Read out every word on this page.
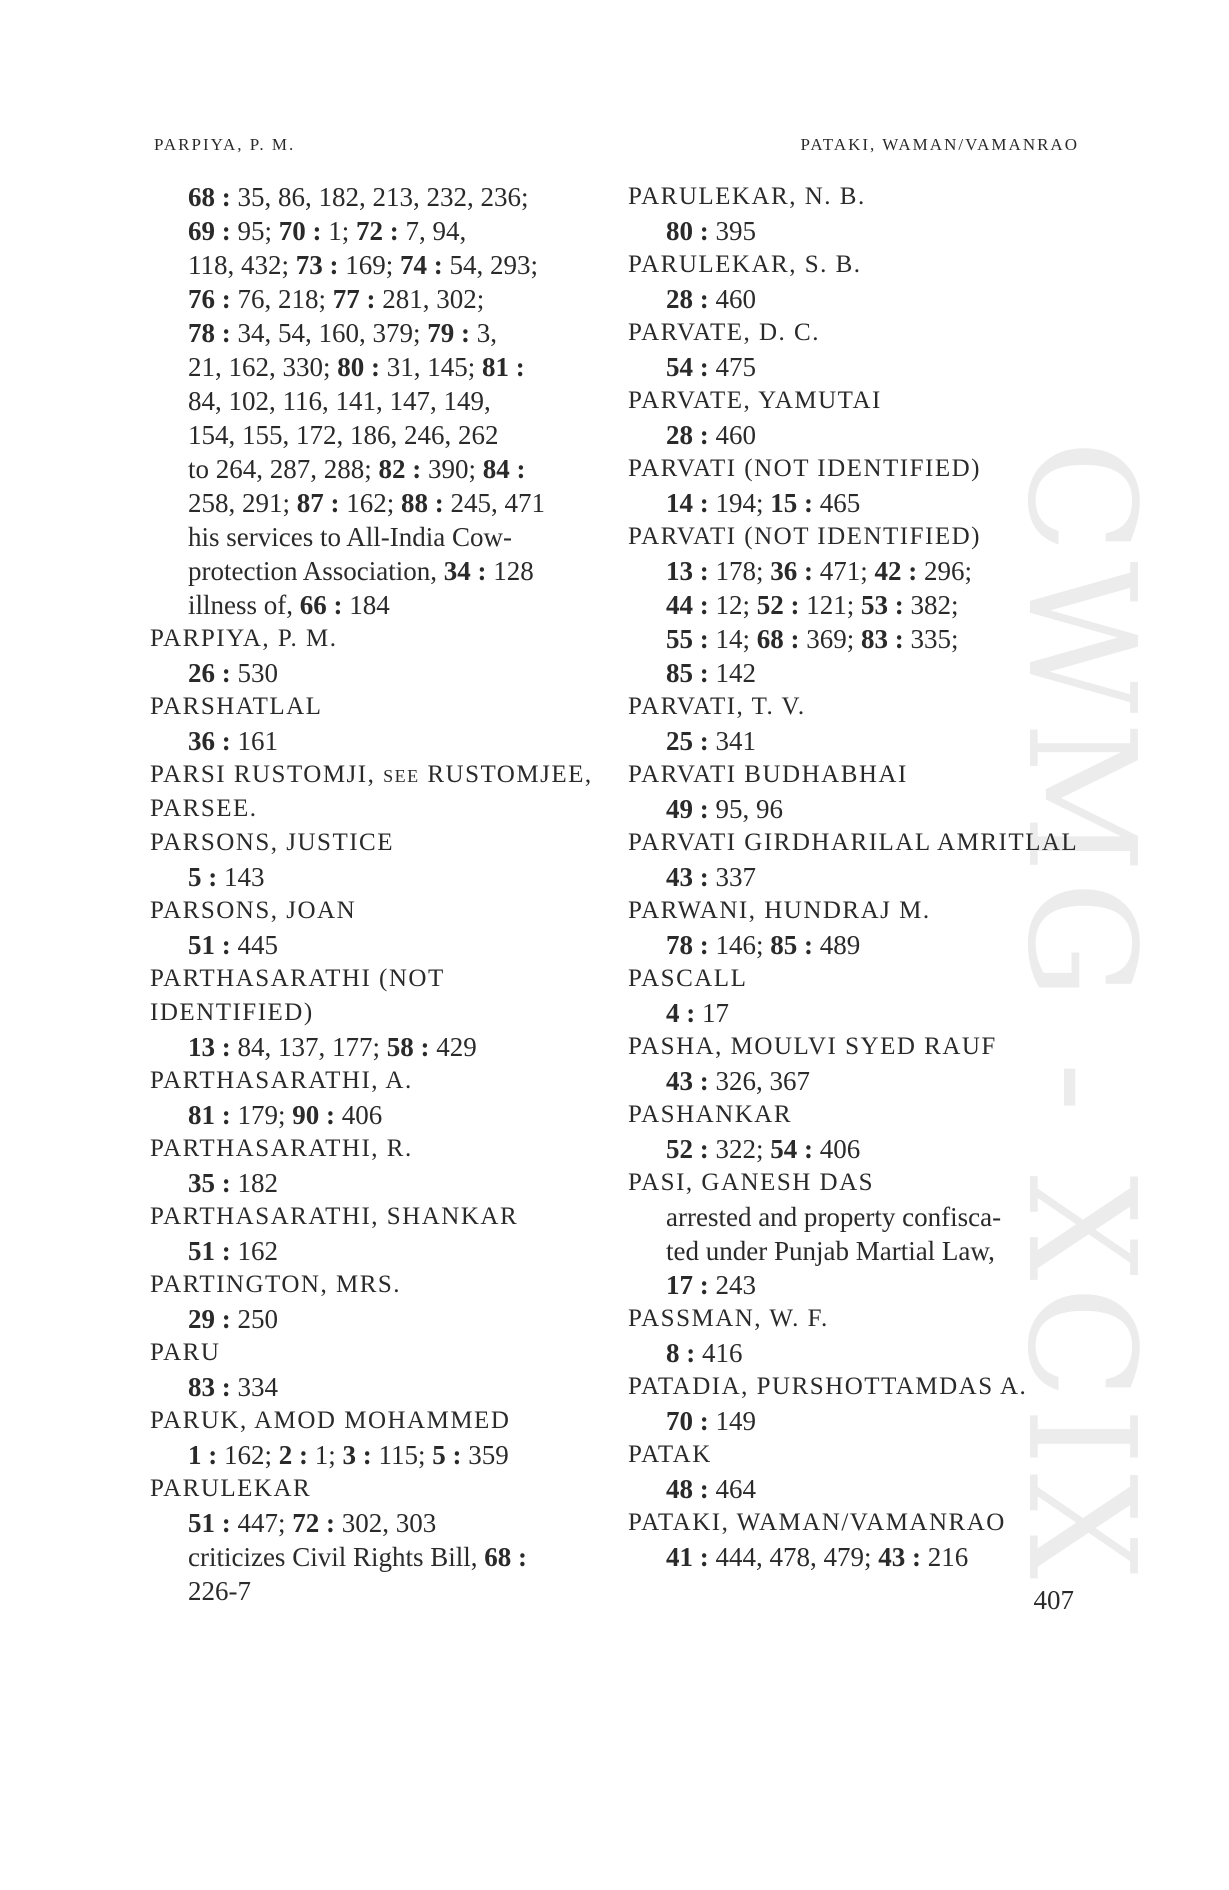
PARPIYA, P. M.	PATAKI, WAMAN/VAMANRAO
CWMG - XCIX
68 : 35, 86, 182, 213, 232, 236;
69 : 95; 70 : 1; 72 : 7, 94,
118, 432; 73 : 169; 74 : 54, 293;
76 : 76, 218; 77 : 281, 302;
78 : 34, 54, 160, 379; 79 : 3,
21, 162, 330; 80 : 31, 145; 81 :
84, 102, 116, 141, 147, 149,
154, 155, 172, 186, 246, 262
to 264, 287, 288; 82 : 390; 84 :
258, 291; 87 : 162; 88 : 245, 471
his services to All-India Cow-
protection Association, 34 : 128
illness of, 66 : 184
PARPIYA, P. M.
26 : 530
PARSHATLAL
36 : 161
PARSI RUSTOMJI, see RUSTOMJEE,
PARSEE.
PARSONS, JUSTICE
5 : 143
PARSONS, JOAN
51 : 445
PARTHASARATHI (NOT IDENTIFIED)
13 : 84, 137, 177; 58 : 429
PARTHASARATHI, A.
81 : 179; 90 : 406
PARTHASARATHI, R.
35 : 182
PARTHASARATHI, SHANKAR
51 : 162
PARTINGTON, MRS.
29 : 250
PARU
83 : 334
PARUK, AMOD MOHAMMED
1 : 162; 2 : 1; 3 : 115; 5 : 359
PARULEKAR
51 : 447; 72 : 302, 303
criticizes Civil Rights Bill, 68 :
226-7
PARULEKAR, N. B.
80 : 395
PARULEKAR, S. B.
28 : 460
PARVATE, D. C.
54 : 475
PARVATE, YAMUTAI
28 : 460
PARVATI (NOT IDENTIFIED)
14 : 194; 15 : 465
PARVATI (NOT IDENTIFIED)
13 : 178; 36 : 471; 42 : 296;
44 : 12; 52 : 121; 53 : 382;
55 : 14; 68 : 369; 83 : 335;
85 : 142
PARVATI, T. V.
25 : 341
PARVATI BUDHABHAI
49 : 95, 96
PARVATI GIRDHARILAL AMRITLAL
43 : 337
PARWANI, HUNDRAJ M.
78 : 146; 85 : 489
PASCALL
4 : 17
PASHA, MOULVI SYED RAUF
43 : 326, 367
PASHANKAR
52 : 322; 54 : 406
PASI, GANESH DAS
arrested and property confisca-
ted under Punjab Martial Law,
17 : 243
PASSMAN, W. F.
8 : 416
PATADIA, PURSHOTTAMDAS A.
70 : 149
PATAK
48 : 464
PATAKI, WAMAN/VAMANRAO
41 : 444, 478, 479; 43 : 216
407
